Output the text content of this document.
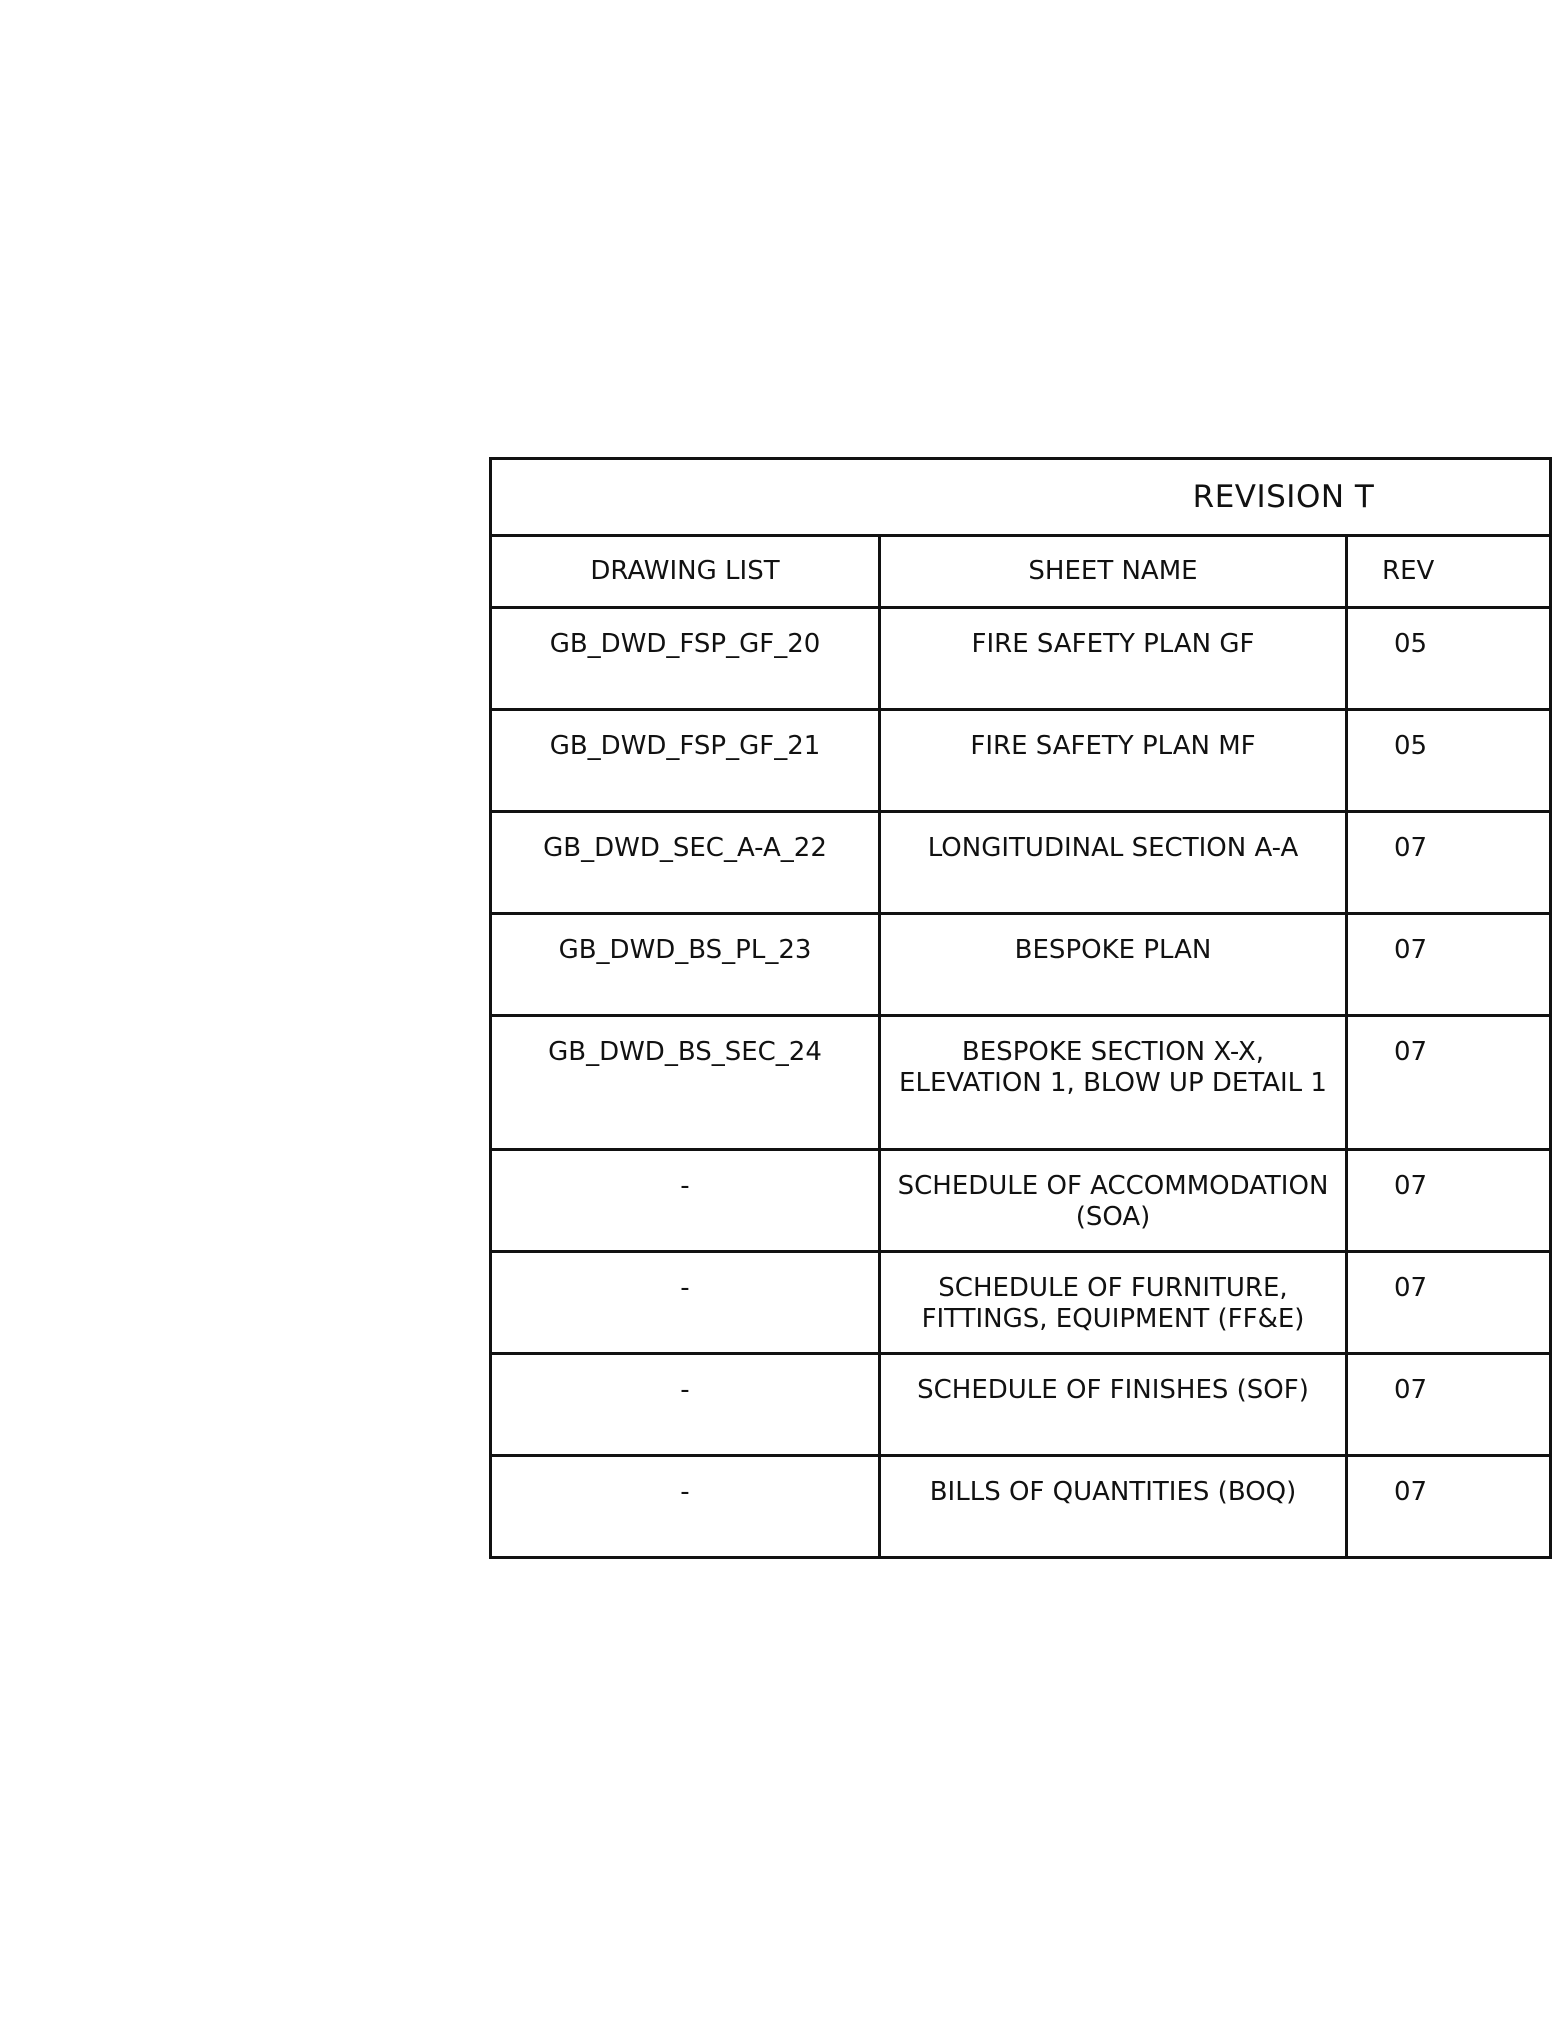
REVISION T		
DRAWING LIST	SHEET NAME	REV
GB_DWD_FSP_GF_20	FIRE SAFETY PLAN GF	05
GB_DWD_FSP_GF_21	FIRE SAFETY PLAN MF	05
GB_DWD_SEC_A-A_22	LONGITUDINAL SECTION A-A	07
GB_DWD_BS_PL_23	BESPOKE PLAN	07
GB_DWD_BS_SEC_24	BESPOKE SECTION X-X, ELEVATION 1, BLOW UP DETAIL 1	07
-	SCHEDULE OF ACCOMMODATION (SOA)	07
-	SCHEDULE OF FURNITURE, FITTINGS, EQUIPMENT (FF&E)	07
-	SCHEDULE OF FINISHES (SOF)	07
-	BILLS OF QUANTITIES (BOQ)	07
